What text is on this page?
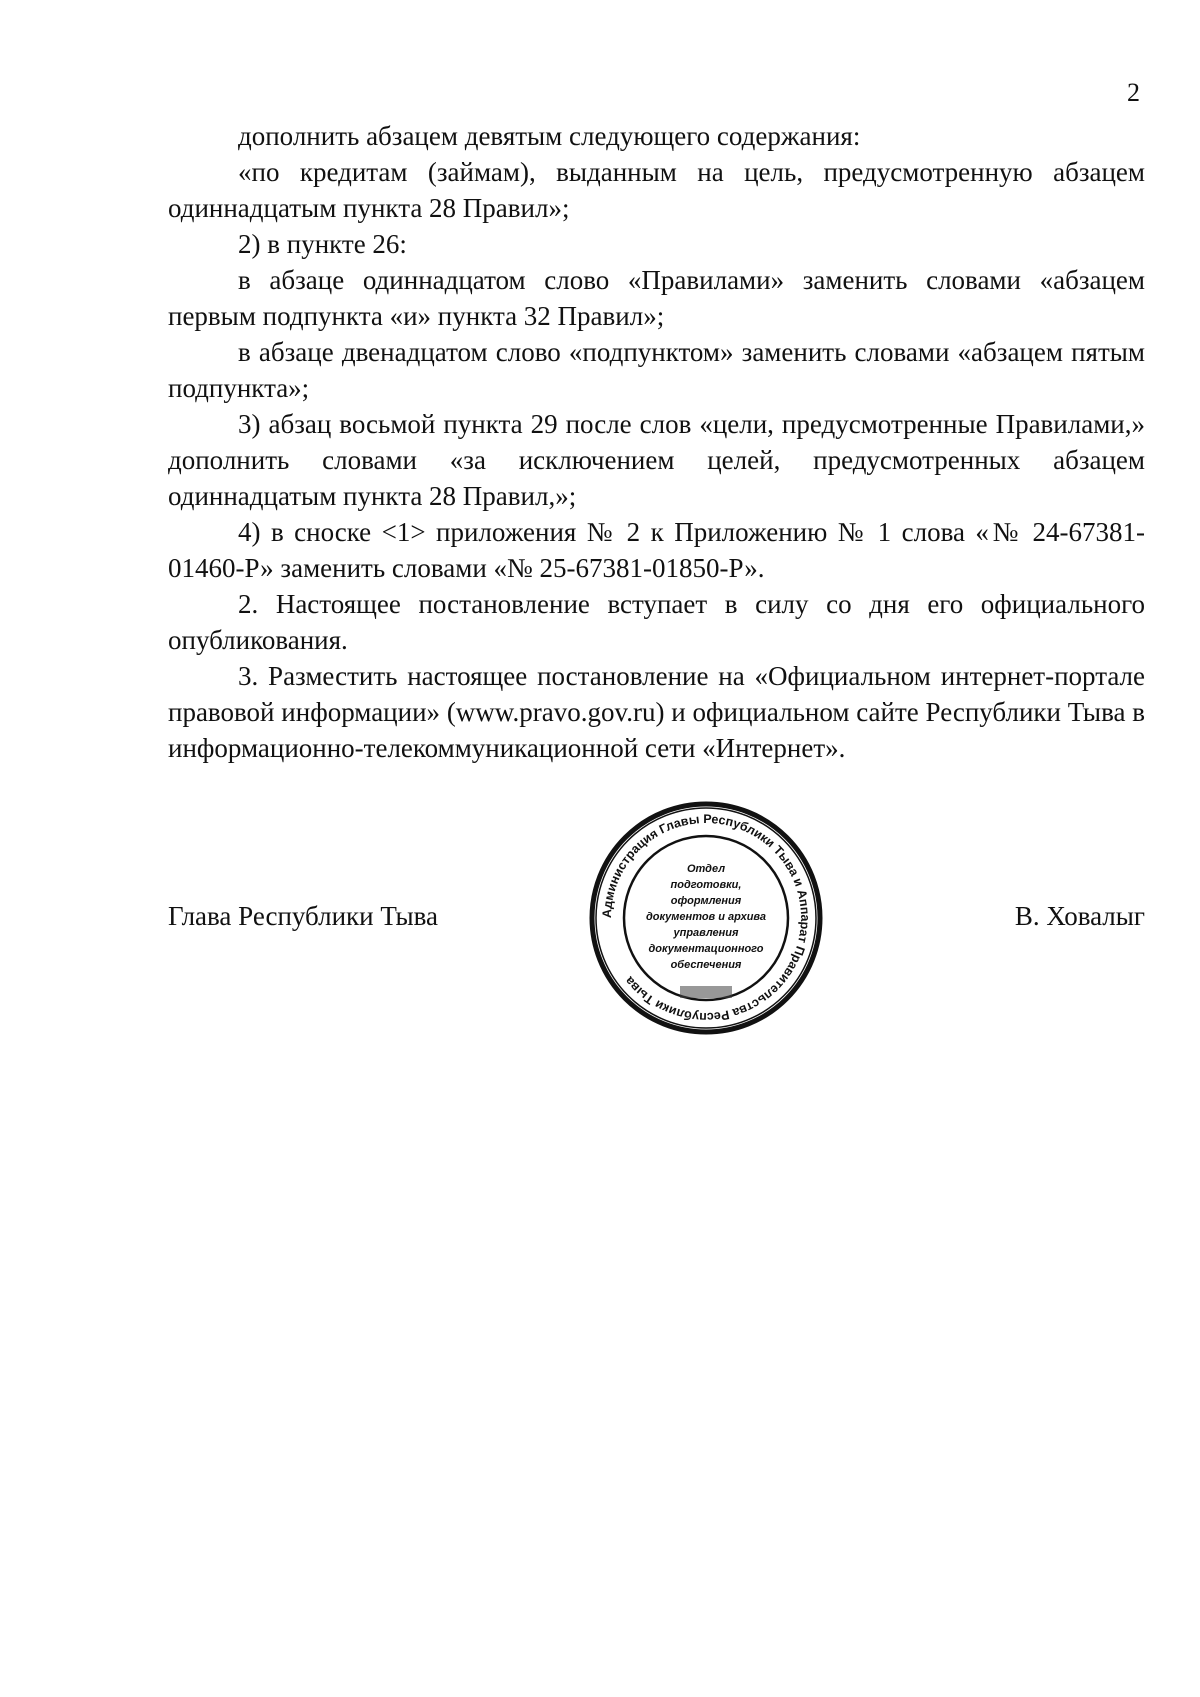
2

дополнить абзацем девятым следующего содержания:

«по кредитам (займам), выданным на цель, предусмотренную абзацем одиннадцатым пункта 28 Правил»;

2) в пункте 26:

в абзаце одиннадцатом слово «Правилами» заменить словами «абзацем первым подпункта «и» пункта 32 Правил»;

в абзаце двенадцатом слово «подпунктом» заменить словами «абзацем пятым подпункта»;

3) абзац восьмой пункта 29 после слов «цели, предусмотренные Правилами,» дополнить словами «за исключением целей, предусмотренных абзацем одиннадцатым пункта 28 Правил,»;

4) в сноске <1> приложения № 2 к Приложению № 1 слова «№ 24-67381-01460-Р» заменить словами «№ 25-67381-01850-Р».

2. Настоящее постановление вступает в силу со дня его официального опубликования.

3. Разместить настоящее постановление на «Официальном интернет-портале правовой информации» (www.pravo.gov.ru) и официальном сайте Республики Тыва в информационно-телекоммуникационной сети «Интернет».

Глава Республики Тыва	В. Ховалыг
Администрация Главы Республики Тыва и Аппарат Правительства Республики Тыва
Отдел
подготовки,
оформления
документов и архива
управления
документационного
обеспечения
